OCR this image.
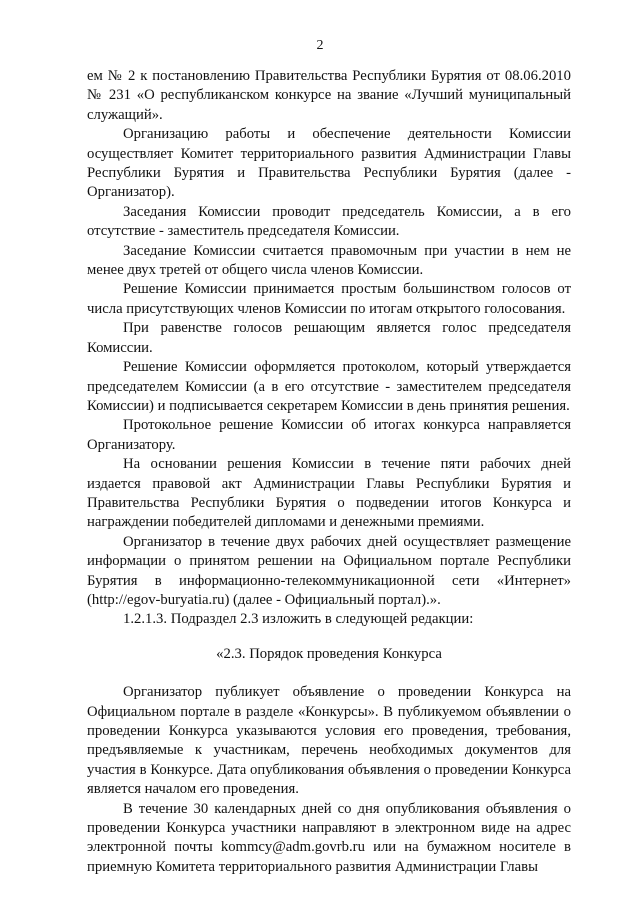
2

ем № 2 к постановлению Правительства Республики Бурятия от 08.06.2010 № 231 «О республиканском конкурсе на звание «Лучший муниципальный служащий».

Организацию работы и обеспечение деятельности Комиссии осуществляет Комитет территориального развития Администрации Главы Республики Бурятия и Правительства Республики Бурятия (далее - Организатор).

Заседания Комиссии проводит председатель Комиссии, а в его отсутствие - заместитель председателя Комиссии.

Заседание Комиссии считается правомочным при участии в нем не менее двух третей от общего числа членов Комиссии.

Решение Комиссии принимается простым большинством голосов от числа присутствующих членов Комиссии по итогам открытого голосования.

При равенстве голосов решающим является голос председателя Комиссии.

Решение Комиссии оформляется протоколом, который утверждается председателем Комиссии (а в его отсутствие - заместителем председателя Комиссии) и подписывается секретарем Комиссии в день принятия решения.

Протокольное решение Комиссии об итогах конкурса направляется Организатору.

На основании решения Комиссии в течение пяти рабочих дней издается правовой акт Администрации Главы Республики Бурятия и Правительства Республики Бурятия о подведении итогов Конкурса и награждении победителей дипломами и денежными премиями.

Организатор в течение двух рабочих дней осуществляет размещение информации о принятом решении на Официальном портале Республики Бурятия в информационно-телекоммуникационной сети «Интернет» (http://egov-buryatia.ru) (далее - Официальный портал).».

1.2.1.3. Подраздел 2.3 изложить в следующей редакции:

«2.3. Порядок проведения Конкурса

Организатор публикует объявление о проведении Конкурса на Официальном портале в разделе «Конкурсы». В публикуемом объявлении о проведении Конкурса указываются условия его проведения, требования, предъявляемые к участникам, перечень необходимых документов для участия в Конкурсе. Дата опубликования объявления о проведении Конкурса является началом его проведения.

В течение 30 календарных дней со дня опубликования объявления о проведении Конкурса участники направляют в электронном виде на адрес электронной почты kommcy@adm.govrb.ru или на бумажном носителе в приемную Комитета территориального развития Администрации Главы
